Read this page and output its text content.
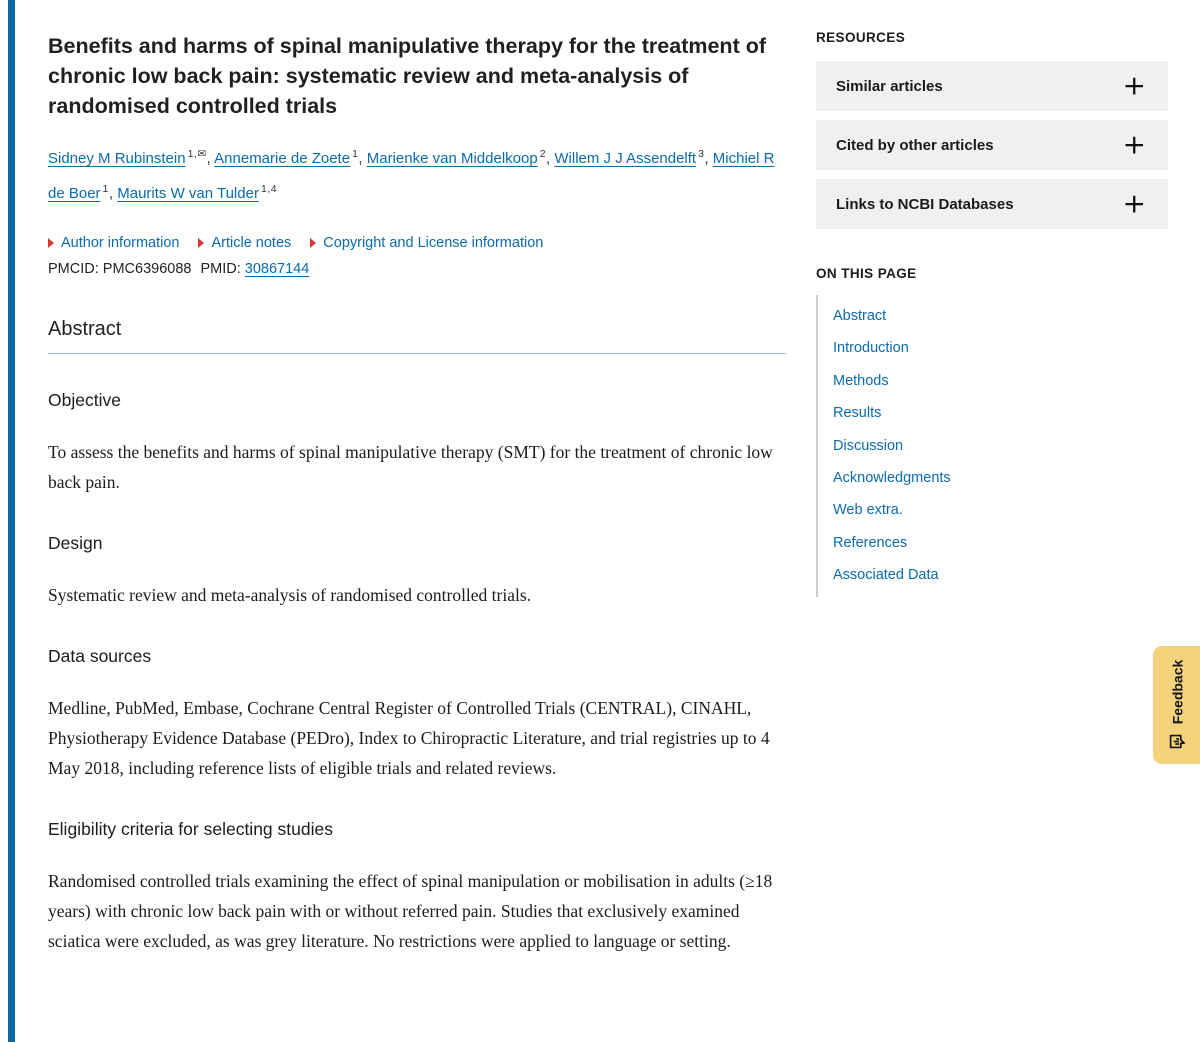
Benefits and harms of spinal manipulative therapy for the treatment of chronic low back pain: systematic review and meta-analysis of randomised controlled trials

Sidney M Rubinstein $^{1,✉}$, Annemarie de Zoete $^1$, Marienke van Middelkoop $^2$, Willem J J Assendelft $^3$, Michiel R de Boer $^1$, Maurits W van Tulder $^{1,4}$

Author information Article notes Copyright and License information

PMCID: PMC6396088 PMID: 30867144

Abstract
Objective

To assess the benefits and harms of spinal manipulative therapy (SMT) for the treatment of chronic low back pain.

Design

Systematic review and meta-analysis of randomised controlled trials.

Data sources

Medline, PubMed, Embase, Cochrane Central Register of Controlled Trials (CENTRAL), CINAHL, Physiotherapy Evidence Database (PEDro), Index to Chiropractic Literature, and trial registries up to 4 May 2018, including reference lists of eligible trials and related reviews.

Eligibility criteria for selecting studies

Randomised controlled trials examining the effect of spinal manipulation or mobilisation in adults (≥18 years) with chronic low back pain with or without referred pain. Studies that exclusively examined sciatica were excluded, as was grey literature. No restrictions were applied to language or setting.

RESOURCES
Similar articles	+
Cited by other articles	+
Links to NCBI Databases	+
ON THIS PAGE
Abstract
Introduction
Methods
Results
Discussion
Acknowledgments
Web extra.
References
Associated Data
Feedback
